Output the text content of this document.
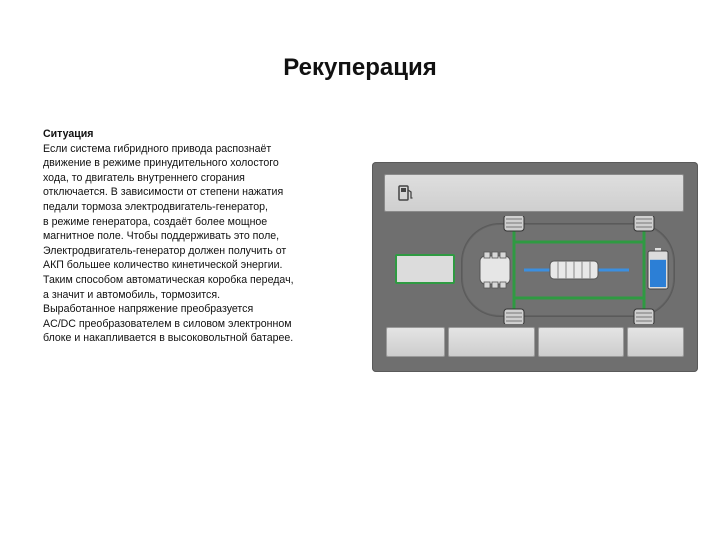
Рекуперация
Ситуация
Если система гибридного привода распознаёт
движение в режиме принудительного холостого
хода, то двигатель внутреннего сгорания
отключается. В зависимости от степени нажатия
педали тормоза электродвигатель-генератор,
в режиме генератора, создаёт более мощное
магнитное поле. Чтобы поддерживать это поле,
Электродвигатель-генератор должен получить от
АКП большее количество кинетической энергии.
Таким способом автоматическая коробка передач,
а значит и автомобиль, тормозится.
Выработанное напряжение преобразуется
AC/DC преобразователем в силовом электронном
блоке и накапливается в высоковольтной батарее.
